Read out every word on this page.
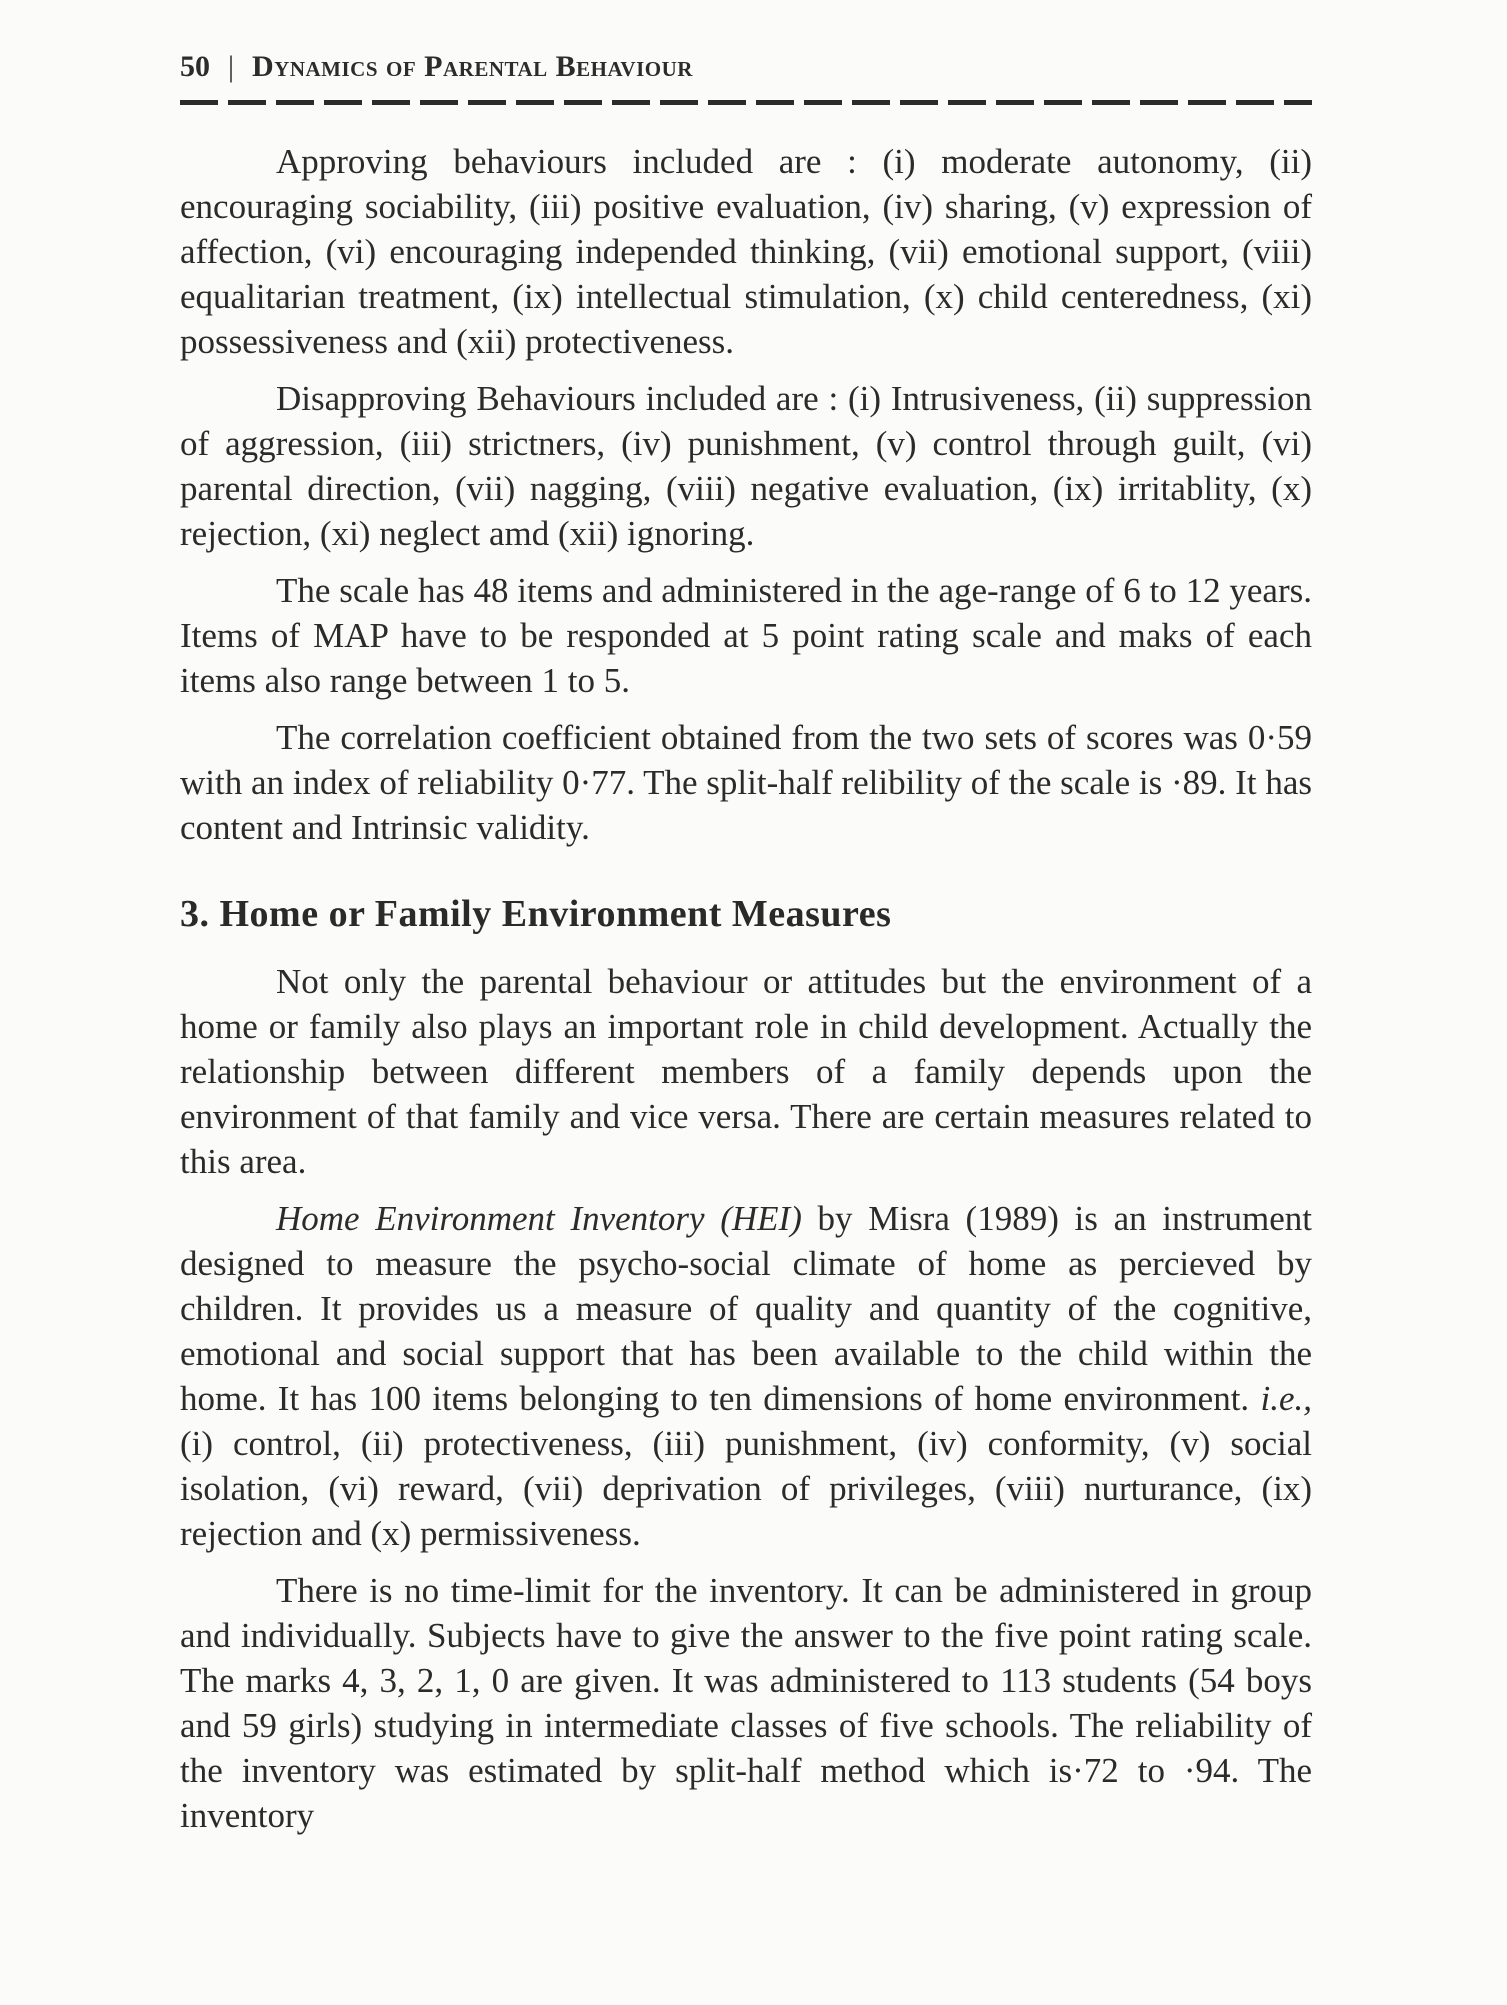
50 | Dynamics of Parental Behaviour

Approving behaviours included are : (i) moderate autonomy, (ii) encouraging sociability, (iii) positive evaluation, (iv) sharing, (v) expression of affection, (vi) encouraging independed thinking, (vii) emotional support, (viii) equalitarian treatment, (ix) intellectual stimulation, (x) child centeredness, (xi) possessiveness and (xii) protectiveness.

Disapproving Behaviours included are : (i) Intrusiveness, (ii) suppression of aggression, (iii) strictners, (iv) punishment, (v) control through guilt, (vi) parental direction, (vii) nagging, (viii) negative evaluation, (ix) irritablity, (x) rejection, (xi) neglect amd (xii) ignoring.

The scale has 48 items and administered in the age-range of 6 to 12 years. Items of MAP have to be responded at 5 point rating scale and maks of each items also range between 1 to 5.

The correlation coefficient obtained from the two sets of scores was 0·59 with an index of reliability 0·77. The split-half relibility of the scale is ·89. It has content and Intrinsic validity.

3. Home or Family Environment Measures

Not only the parental behaviour or attitudes but the environment of a home or family also plays an important role in child development. Actually the relationship between different members of a family depends upon the environment of that family and vice versa. There are certain measures related to this area.

Home Environment Inventory (HEI) by Misra (1989) is an instrument designed to measure the psycho-social climate of home as percieved by children. It provides us a measure of quality and quantity of the cognitive, emotional and social support that has been available to the child within the home. It has 100 items belonging to ten dimensions of home environment. i.e., (i) control, (ii) protectiveness, (iii) punishment, (iv) conformity, (v) social isolation, (vi) reward, (vii) deprivation of privileges, (viii) nurturance, (ix) rejection and (x) permissiveness.

There is no time-limit for the inventory. It can be administered in group and individually. Subjects have to give the answer to the five point rating scale. The marks 4, 3, 2, 1, 0 are given. It was administered to 113 students (54 boys and 59 girls) studying in intermediate classes of five schools. The reliability of the inventory was estimated by split-half method which is·72 to ·94. The inventory
